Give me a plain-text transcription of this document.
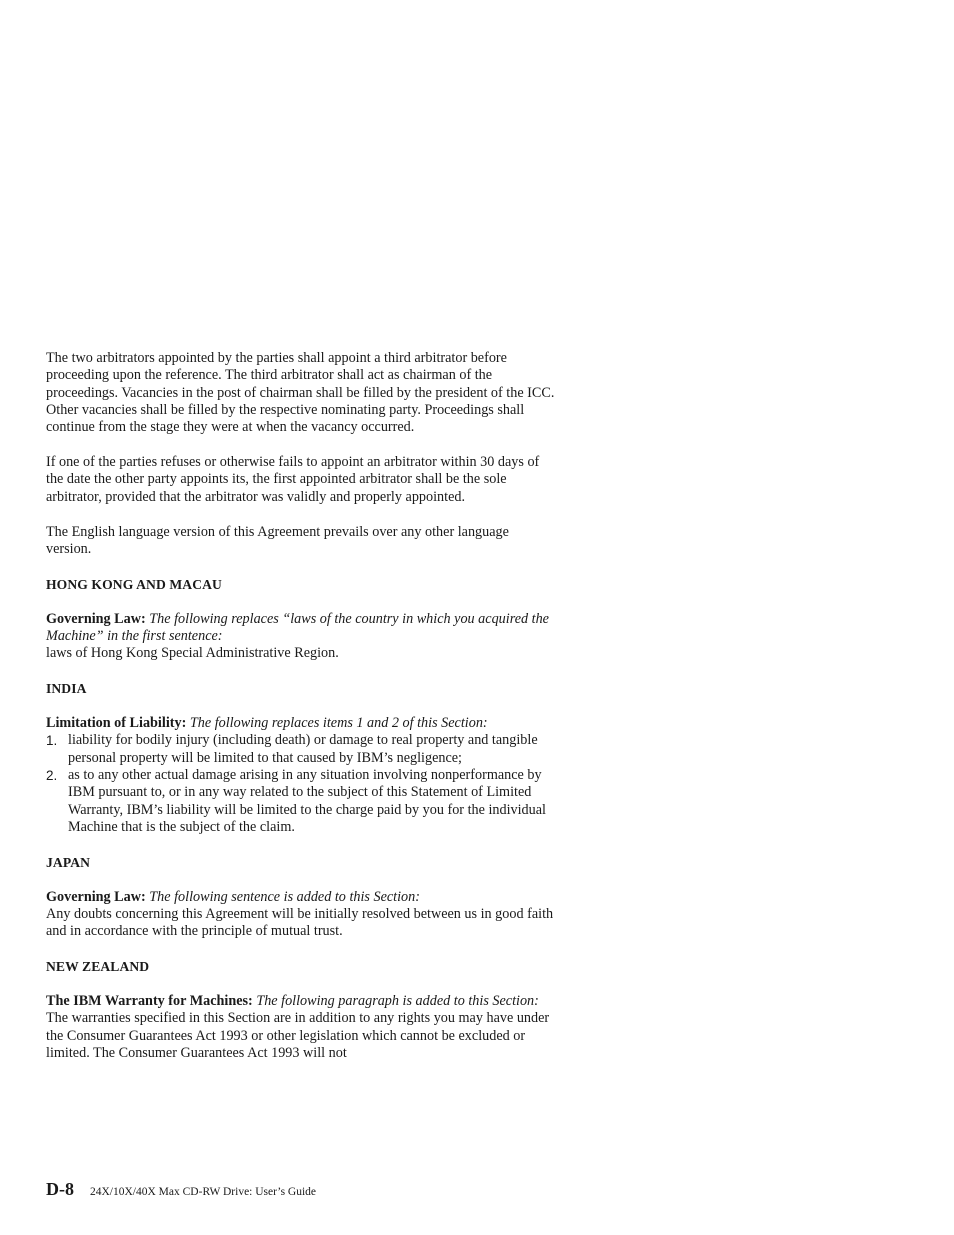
The two arbitrators appointed by the parties shall appoint a third arbitrator before proceeding upon the reference. The third arbitrator shall act as chairman of the proceedings. Vacancies in the post of chairman shall be filled by the president of the ICC. Other vacancies shall be filled by the respective nominating party. Proceedings shall continue from the stage they were at when the vacancy occurred.

If one of the parties refuses or otherwise fails to appoint an arbitrator within 30 days of the date the other party appoints its, the first appointed arbitrator shall be the sole arbitrator, provided that the arbitrator was validly and properly appointed.

The English language version of this Agreement prevails over any other language version.

HONG KONG AND MACAU

Governing Law: The following replaces “laws of the country in which you acquired the Machine” in the first sentence:
laws of Hong Kong Special Administrative Region.

INDIA

Limitation of Liability: The following replaces items 1 and 2 of this Section:
1. liability for bodily injury (including death) or damage to real property and tangible personal property will be limited to that caused by IBM’s negligence;
2. as to any other actual damage arising in any situation involving nonperformance by IBM pursuant to, or in any way related to the subject of this Statement of Limited Warranty, IBM’s liability will be limited to the charge paid by you for the individual Machine that is the subject of the claim.

JAPAN

Governing Law: The following sentence is added to this Section:
Any doubts concerning this Agreement will be initially resolved between us in good faith and in accordance with the principle of mutual trust.

NEW ZEALAND

The IBM Warranty for Machines: The following paragraph is added to this Section:
The warranties specified in this Section are in addition to any rights you may have under the Consumer Guarantees Act 1993 or other legislation which cannot be excluded or limited. The Consumer Guarantees Act 1993 will not
D-8 24X/10X/40X Max CD-RW Drive: User’s Guide
